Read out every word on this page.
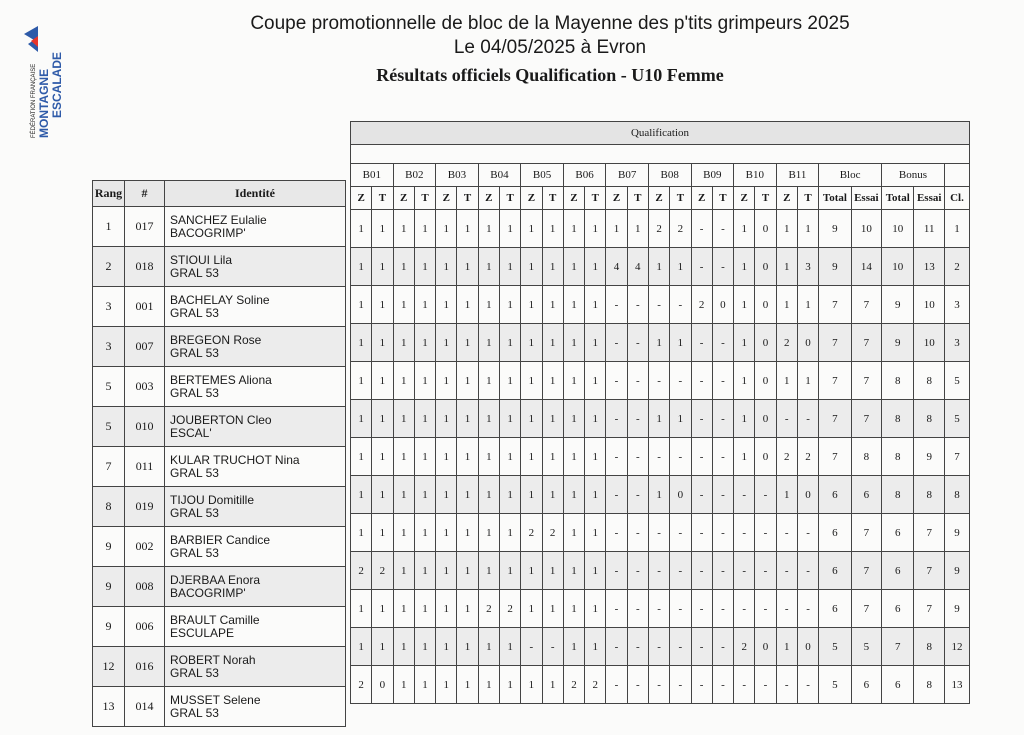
FÉDÉRATION FRANÇAISE MONTAGNE ESCALADE
Coupe promotionnelle de bloc de la Mayenne des p'tits grimpeurs 2025
Le 04/05/2025 à Evron
Résultats officiels Qualification - U10 Femme
Rang	#	Identité
1	017	SANCHEZ Eulalie
BACOGRIMP'

2	018	STIOUI Lila
GRAL 53

3	001	BACHELAY Soline
GRAL 53

3	007	BREGEON Rose
GRAL 53

5	003	BERTEMES Aliona
GRAL 53

5	010	JOUBERTON Cleo
ESCAL'

7	011	KULAR TRUCHOT Nina
GRAL 53

8	019	TIJOU Domitille
GRAL 53

9	002	BARBIER Candice
GRAL 53

9	008	DJERBAA Enora
BACOGRIMP'

9	006	BRAULT Camille
ESCULAPE

12	016	ROBERT Norah
GRAL 53

13	014	MUSSET Selene
GRAL 53
Qualification																										

B01		B02		B03		B04		B05		B06		B07		B08		B09		B10		B11		Bloc		Bonus		
Z	T	Z	T	Z	T	Z	T	Z	T	Z	T	Z	T	Z	T	Z	T	Z	T	Z	T	Total	Essai	Total	Essai	Cl.
1	1	1	1	1	1	1	1	1	1	1	1	1	1	2	2	-	-	1	0	1	1	9	10	10	11	1
1	1	1	1	1	1	1	1	1	1	1	1	4	4	1	1	-	-	1	0	1	3	9	14	10	13	2
1	1	1	1	1	1	1	1	1	1	1	1	-	-	-	-	2	0	1	0	1	1	7	7	9	10	3
1	1	1	1	1	1	1	1	1	1	1	1	-	-	1	1	-	-	1	0	2	0	7	7	9	10	3
1	1	1	1	1	1	1	1	1	1	1	1	-	-	-	-	-	-	1	0	1	1	7	7	8	8	5
1	1	1	1	1	1	1	1	1	1	1	1	-	-	1	1	-	-	1	0	-	-	7	7	8	8	5
1	1	1	1	1	1	1	1	1	1	1	1	-	-	-	-	-	-	1	0	2	2	7	8	8	9	7
1	1	1	1	1	1	1	1	1	1	1	1	-	-	1	0	-	-	-	-	1	0	6	6	8	8	8
1	1	1	1	1	1	1	1	2	2	1	1	-	-	-	-	-	-	-	-	-	-	6	7	6	7	9
2	2	1	1	1	1	1	1	1	1	1	1	-	-	-	-	-	-	-	-	-	-	6	7	6	7	9
1	1	1	1	1	1	2	2	1	1	1	1	-	-	-	-	-	-	-	-	-	-	6	7	6	7	9
1	1	1	1	1	1	1	1	-	-	1	1	-	-	-	-	-	-	2	0	1	0	5	5	7	8	12
2	0	1	1	1	1	1	1	1	1	2	2	-	-	-	-	-	-	-	-	-	-	5	6	6	8	13
